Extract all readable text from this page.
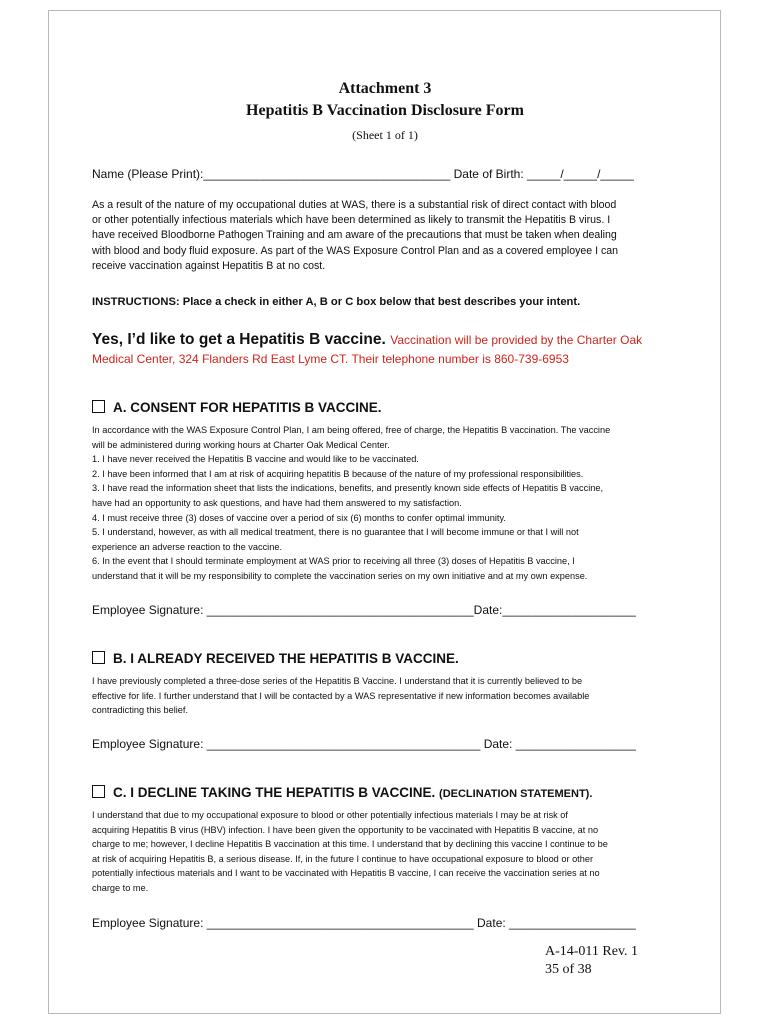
Attachment 3
Hepatitis B Vaccination Disclosure Form
(Sheet 1 of 1)
Name (Please Print):_____________________________________ Date of Birth: _____/_____/_____
As a result of the nature of my occupational duties at WAS, there is a substantial risk of direct contact with blood
or other potentially infectious materials which have been determined as likely to transmit the Hepatitis B virus. I
have received Bloodborne Pathogen Training and am aware of the precautions that must be taken when dealing
with blood and body fluid exposure. As part of the WAS Exposure Control Plan and as a covered employee I can
receive vaccination against Hepatitis B at no cost.
INSTRUCTIONS: Place a check in either A, B or C box below that best describes your intent.
Yes, I’d like to get a Hepatitis B vaccine. Vaccination will be provided by the Charter Oak
Medical Center, 324 Flanders Rd East Lyme CT. Their telephone number is 860-739-6953
A. CONSENT FOR HEPATITIS B VACCINE.
In accordance with the WAS Exposure Control Plan, I am being offered, free of charge, the Hepatitis B vaccination. The vaccine
will be administered during working hours at Charter Oak Medical Center.
1. I have never received the Hepatitis B vaccine and would like to be vaccinated.
2. I have been informed that I am at risk of acquiring hepatitis B because of the nature of my professional responsibilities.
3. I have read the information sheet that lists the indications, benefits, and presently known side effects of Hepatitis B vaccine,
have had an opportunity to ask questions, and have had them answered to my satisfaction.
4. I must receive three (3) doses of vaccine over a period of six (6) months to confer optimal immunity.
5. I understand, however, as with all medical treatment, there is no guarantee that I will become immune or that I will not
experience an adverse reaction to the vaccine.
6. In the event that I should terminate employment at WAS prior to receiving all three (3) doses of Hepatitis B vaccine, I
understand that it will be my responsibility to complete the vaccination series on my own initiative and at my own expense.
Employee Signature: ________________________________________Date:____________________
B. I ALREADY RECEIVED THE HEPATITIS B VACCINE.
I have previously completed a three-dose series of the Hepatitis B Vaccine. I understand that it is currently believed to be
effective for life. I further understand that I will be contacted by a WAS representative if new information becomes available
contradicting this belief.
Employee Signature: _________________________________________ Date: __________________
C. I DECLINE TAKING THE HEPATITIS B VACCINE. (DECLINATION STATEMENT).
I understand that due to my occupational exposure to blood or other potentially infectious materials I may be at risk of
acquiring Hepatitis B virus (HBV) infection. I have been given the opportunity to be vaccinated with Hepatitis B vaccine, at no
charge to me; however, I decline Hepatitis B vaccination at this time. I understand that by declining this vaccine I continue to be
at risk of acquiring Hepatitis B, a serious disease. If, in the future I continue to have occupational exposure to blood or other
potentially infectious materials and I want to be vaccinated with Hepatitis B vaccine, I can receive the vaccination series at no
charge to me.
Employee Signature: ________________________________________ Date: ___________________
A-14-011 Rev. 1
35 of 38
